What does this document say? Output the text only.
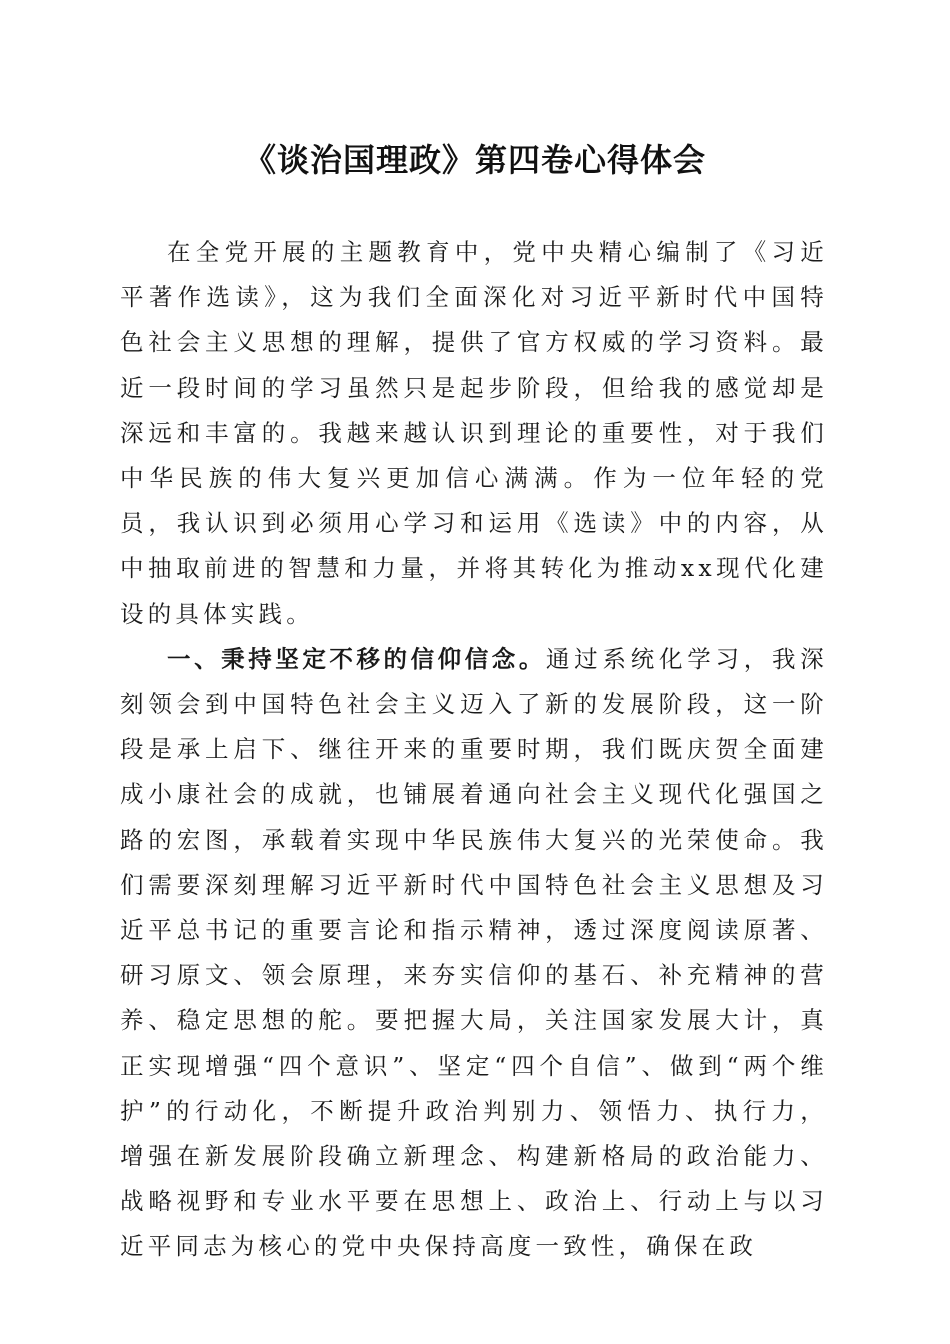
《谈治国理政》第四卷心得体会

在全党开展的主题教育中，党中央精心编制了《习近平著作选读》，这为我们全面深化对习近平新时代中国特色社会主义思想的理解，提供了官方权威的学习资料。最近一段时间的学习虽然只是起步阶段，但给我的感觉却是深远和丰富的。我越来越认识到理论的重要性，对于我们中华民族的伟大复兴更加信心满满。作为一位年轻的党员，我认识到必须用心学习和运用《选读》中的内容，从中抽取前进的智慧和力量，并将其转化为推动xx现代化建设的具体实践。

一、秉持坚定不移的信仰信念。通过系统化学习，我深刻领会到中国特色社会主义迈入了新的发展阶段，这一阶段是承上启下、继往开来的重要时期，我们既庆贺全面建成小康社会的成就，也铺展着通向社会主义现代化强国之路的宏图，承载着实现中华民族伟大复兴的光荣使命。我们需要深刻理解习近平新时代中国特色社会主义思想及习近平总书记的重要言论和指示精神，透过深度阅读原著、研习原文、领会原理，来夯实信仰的基石、补充精神的营养、稳定思想的舵。要把握大局，关注国家发展大计，真正实现增强“四个意识”、坚定“四个自信”、做到“两个维护”的行动化，不断提升政治判别力、领悟力、执行力，增强在新发展阶段确立新理念、构建新格局的政治能力、战略视野和专业水平要在思想上、政治上、行动上与以习近平同志为核心的党中央保持高度一致性，确保在政
